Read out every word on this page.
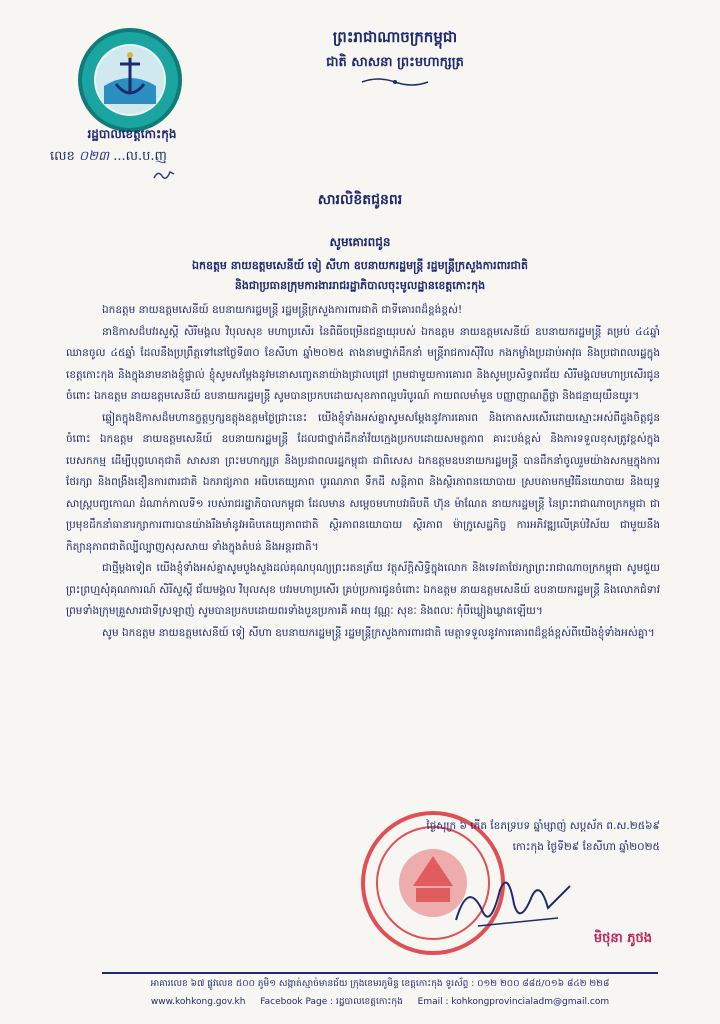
រដ្ឋបាលខេត្តកោះកុង
លេខ ០២៣ ...ល.ប.ញ
ព្រះរាជាណាចក្រកម្ពុជា
ជាតិ សាសនា ព្រះមហាក្សត្រ
សារលិខិតជូនពរ
សូមគោរពជូន
ឯកឧត្តម នាយឧត្តមសេនីយ៍ ទៀ សីហា ឧបនាយករដ្ឋមន្ត្រី រដ្ឋមន្ត្រីក្រសួងការពារជាតិ
និងជាប្រធានក្រុមការងាររាជរដ្ឋាភិបាលចុះមូលដ្ឋានខេត្តកោះកុង

ឯកឧត្តម នាយឧត្តមសេនីយ៍ ឧបនាយករដ្ឋមន្ត្រី រដ្ឋមន្ត្រីក្រសួងការពារជាតិ ជាទីគោរពដ៏ខ្ពង់ខ្ពស់!

នាឱកាសដ៏បវរសួស្តី សិរីមង្គល វិបុលសុខ មហាប្រសើរ នៃពិធីចម្រើនជន្មាយុរបស់ ឯកឧត្តម នាយឧត្តមសេនីយ៍ ឧបនាយករដ្ឋមន្ត្រី គម្រប់ ៤៤ឆ្នាំ ឈានចូល ៤៥ឆ្នាំ ដែលនឹងប្រព្រឹត្តទៅនៅថ្ងៃទី៣០ ខែសីហា ឆ្នាំ២០២៥ តាងនាមថ្នាក់ដឹកនាំ មន្ត្រីរាជការស៊ីវិល កងកម្លាំងប្រដាប់អាវុធ និងប្រជាពលរដ្ឋក្នុងខេត្តកោះកុង និងក្នុងនាមនាងខ្ញុំផ្ទាល់ ខ្ញុំសូមសម្តែងនូវមនោសញ្ចេតនាយ៉ាងជ្រាលជ្រៅ ព្រមជាមួយការគោរព និងសូមប្រសិទ្ធពរជ័យ សិរីមង្គលមហាប្រសើរជូនចំពោះ ឯកឧត្តម នាយឧត្តមសេនីយ៍ ឧបនាយករដ្ឋមន្ត្រី សូមបានប្រកបដោយសុខភាពល្អបរិបូរណ៍ កាយពលមាំមួន បញ្ញាញាណភ្លឺថ្លា និងជន្មាយុយឺនយូរ។

ឆ្លៀតក្នុងឱកាសដ៏មហានក្ខត្តឫក្សឧត្តុងឧត្តមថ្ងៃជ្រាះនេះ យើងខ្ញុំទាំងអស់គ្នាសូមសម្តែងនូវការគោរព និងកោតសរសើរដោយស្មោះអស់ពីដួងចិត្តជូនចំពោះ ឯកឧត្តម នាយឧត្តមសេនីយ៍ ឧបនាយករដ្ឋមន្ត្រី ដែលជាថ្នាក់ដឹកនាំវ័យក្មេងប្រកបដោយសមត្ថភាព គារះបង់ខ្ពស់ និងការទទួលខុសត្រូវខ្ពស់ក្នុងបេសកកម្ម ដើម្បីបុព្វហេតុជាតិ សាសនា ព្រះមហាក្សត្រ និងប្រជាពលរដ្ឋកម្ពុជា ជាពិសេស ឯកឧត្តមឧបនាយករដ្ឋមន្ត្រី បានដឹកនាំចូលរួមយ៉ាងសកម្មក្នុងការថែរក្សា និងពង្រឹងខឿនការពារជាតិ ឯករាជ្យភាព អធិបតេយ្យភាព បូរណភាព ទឹកដី សន្តិភាព និងស្ថិរភាពនយោបាយ ស្របតាមកម្មវិធីនយោបាយ និងយុទ្ធសាស្ត្របញ្ចកោណ ដំណាក់កាលទី១ របស់រាជរដ្ឋាភិបាលកម្ពុជា ដែលមាន សម្តេចមហាបវរធិបតី ហ៊ុន ម៉ាណែត នាយករដ្ឋមន្ត្រី នៃព្រះរាជាណាចក្រកម្ពុជា ជាប្រមុខដឹកនាំធានារក្សាការពារបានយ៉ាងរឹងមាំនូវអធិបតេយ្យភាពជាតិ ស្ថិរភាពនយោបាយ ស្ថិរភាព ម៉ាក្រូសេដ្ឋកិច្ច ការអភិវឌ្ឍលើគ្រប់វិស័យ ជាមួយនឹងកិត្យានុភាពជាតិល្បីល្បាញសុសសាយ ទាំងក្នុងតំបន់ និងអន្តរជាតិ។

ជាថ្មីម្តងទៀត យើងខ្ញុំទាំងអស់គ្នាសូមបួងសួងដល់គុណបុណ្យព្រះរតនត្រ័យ វត្ថុស័ក្តិសិទ្ធិក្នុងលោក និងទេវតាថែរក្សាព្រះរាជាណាចក្រកម្ពុជា សូមជួយព្រះព្រហ្មសុំគុណការណ៍ សិរីសួស្តី ជ័យមង្គល វិបុលសុខ បវរមហាប្រសើរ គ្រប់ប្រការជូនចំពោះ ឯកឧត្តម នាយឧត្តមសេនីយ៍ ឧបនាយករដ្ឋមន្ត្រី និងលោកជំទាវ ព្រមទាំងក្រុមគ្រួសារជាទីស្រឡាញ់ សូមបានប្រកបដោយពរទាំងបួនប្រការគឺ អាយុ វណ្ណៈ សុខៈ និងពលៈ កុំបីឃ្លៀងឃ្លាតឡើយ។

សូម ឯកឧត្តម នាយឧត្តមសេនីយ៍ ទៀ សីហា ឧបនាយករដ្ឋមន្ត្រី រដ្ឋមន្ត្រីក្រសួងការពារជាតិ មេត្តាទទួលនូវការគោរពដ៏ខ្ពង់ខ្ពស់ពីយើងខ្ញុំទាំងអស់គ្នា។

ថ្ងៃសុក្រ ៦ កើត ខែភទ្របទ ឆ្នាំម្សាញ់ សប្តស័ក ព.ស.២៥៦៩
កោះកុង ថ្ងៃទី២៩ ខែសីហា ឆ្នាំ២០២៥
មិថុនា ភូថង
អាគារលេខ ៦៧ ផ្លូវលេខ ៥០០ ភូមិ១ សង្កាត់ស្មាច់មានជ័យ ក្រុងខេមរភូមិន្ទ ខេត្តកោះកុង ទូរស័ព្ទ : ០១២ ២០០ ៨៨៥/០១៦ ៨៤២ ២២៨
www.kohkong.gov.kh Facebook Page : រដ្ឋបាលខេត្តកោះកុង Email : kohkongprovincialadm@gmail.com
